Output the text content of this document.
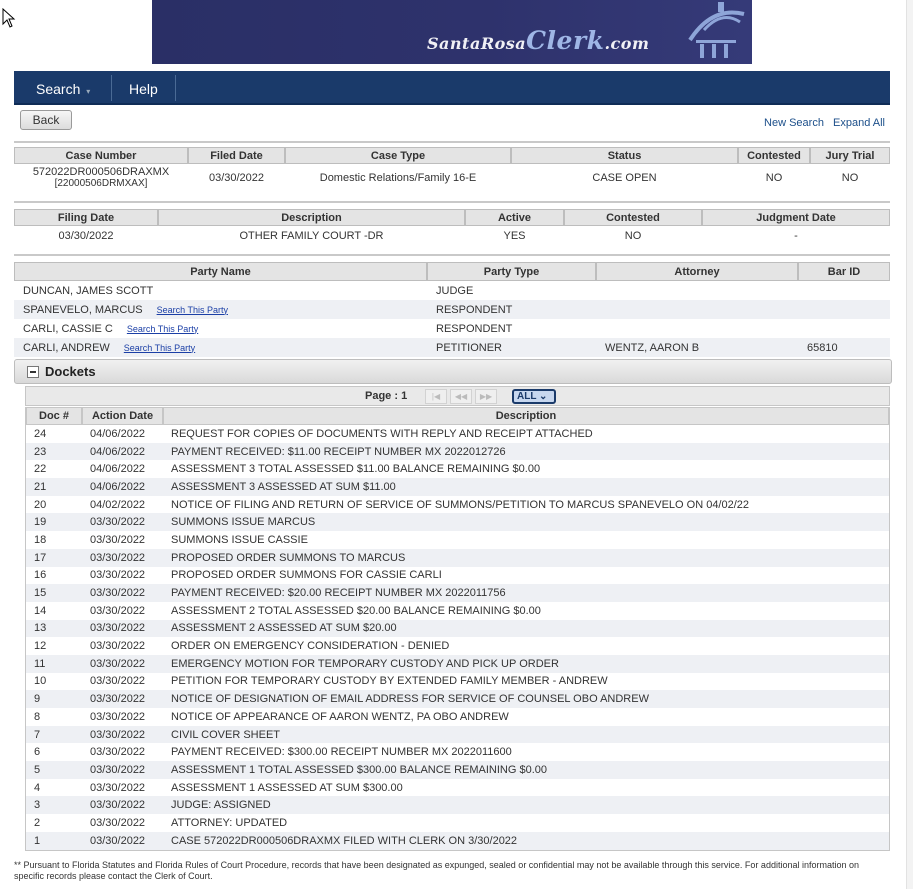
SantaRosaClerk.com
Search ▾	Help
Back	New Search Expand All
Case Number	Filed Date	Case Type	Status	Contested	Jury Trial

572022DR000506DRAXMX
[22000506DRMXAX]	03/30/2022	Domestic Relations/Family 16-E	CASE OPEN	NO	NO
Filing Date	Description	Active	Contested	Judgment Date
03/30/2022	OTHER FAMILY COURT -DR	YES	NO	-
Party Name	Party Type	Attorney	Bar ID
DUNCAN, JAMES SCOTT	JUDGE		
SPANEVELO, MARCUS Search This Party	RESPONDENT		
CARLI, CASSIE C Search This Party	RESPONDENT		
CARLI, ANDREW Search This Party	PETITIONER	WENTZ, AARON B	65810
Dockets
Page : 1	|◀	◀◀	▶▶	ALL ⌄
Doc #	Action Date	Description
24	04/06/2022	REQUEST FOR COPIES OF DOCUMENTS WITH REPLY AND RECEIPT ATTACHED
23	04/06/2022	PAYMENT RECEIVED: $11.00 RECEIPT NUMBER MX 2022012726
22	04/06/2022	ASSESSMENT 3 TOTAL ASSESSED $11.00 BALANCE REMAINING $0.00
21	04/06/2022	ASSESSMENT 3 ASSESSED AT SUM $11.00
20	04/02/2022	NOTICE OF FILING AND RETURN OF SERVICE OF SUMMONS/PETITION TO MARCUS SPANEVELO ON 04/02/22
19	03/30/2022	SUMMONS ISSUE MARCUS
18	03/30/2022	SUMMONS ISSUE CASSIE
17	03/30/2022	PROPOSED ORDER SUMMONS TO MARCUS
16	03/30/2022	PROPOSED ORDER SUMMONS FOR CASSIE CARLI
15	03/30/2022	PAYMENT RECEIVED: $20.00 RECEIPT NUMBER MX 2022011756
14	03/30/2022	ASSESSMENT 2 TOTAL ASSESSED $20.00 BALANCE REMAINING $0.00
13	03/30/2022	ASSESSMENT 2 ASSESSED AT SUM $20.00
12	03/30/2022	ORDER ON EMERGENCY CONSIDERATION - DENIED
11	03/30/2022	EMERGENCY MOTION FOR TEMPORARY CUSTODY AND PICK UP ORDER
10	03/30/2022	PETITION FOR TEMPORARY CUSTODY BY EXTENDED FAMILY MEMBER - ANDREW
9	03/30/2022	NOTICE OF DESIGNATION OF EMAIL ADDRESS FOR SERVICE OF COUNSEL OBO ANDREW
8	03/30/2022	NOTICE OF APPEARANCE OF AARON WENTZ, PA OBO ANDREW
7	03/30/2022	CIVIL COVER SHEET
6	03/30/2022	PAYMENT RECEIVED: $300.00 RECEIPT NUMBER MX 2022011600
5	03/30/2022	ASSESSMENT 1 TOTAL ASSESSED $300.00 BALANCE REMAINING $0.00
4	03/30/2022	ASSESSMENT 1 ASSESSED AT SUM $300.00
3	03/30/2022	JUDGE: ASSIGNED
2	03/30/2022	ATTORNEY: UPDATED
1	03/30/2022	CASE 572022DR000506DRAXMX FILED WITH CLERK ON 3/30/2022
** Pursuant to Florida Statutes and Florida Rules of Court Procedure, records that have been designated as expunged, sealed or confidential may not be available through this service. For additional information on specific records please contact the Clerk of Court.
